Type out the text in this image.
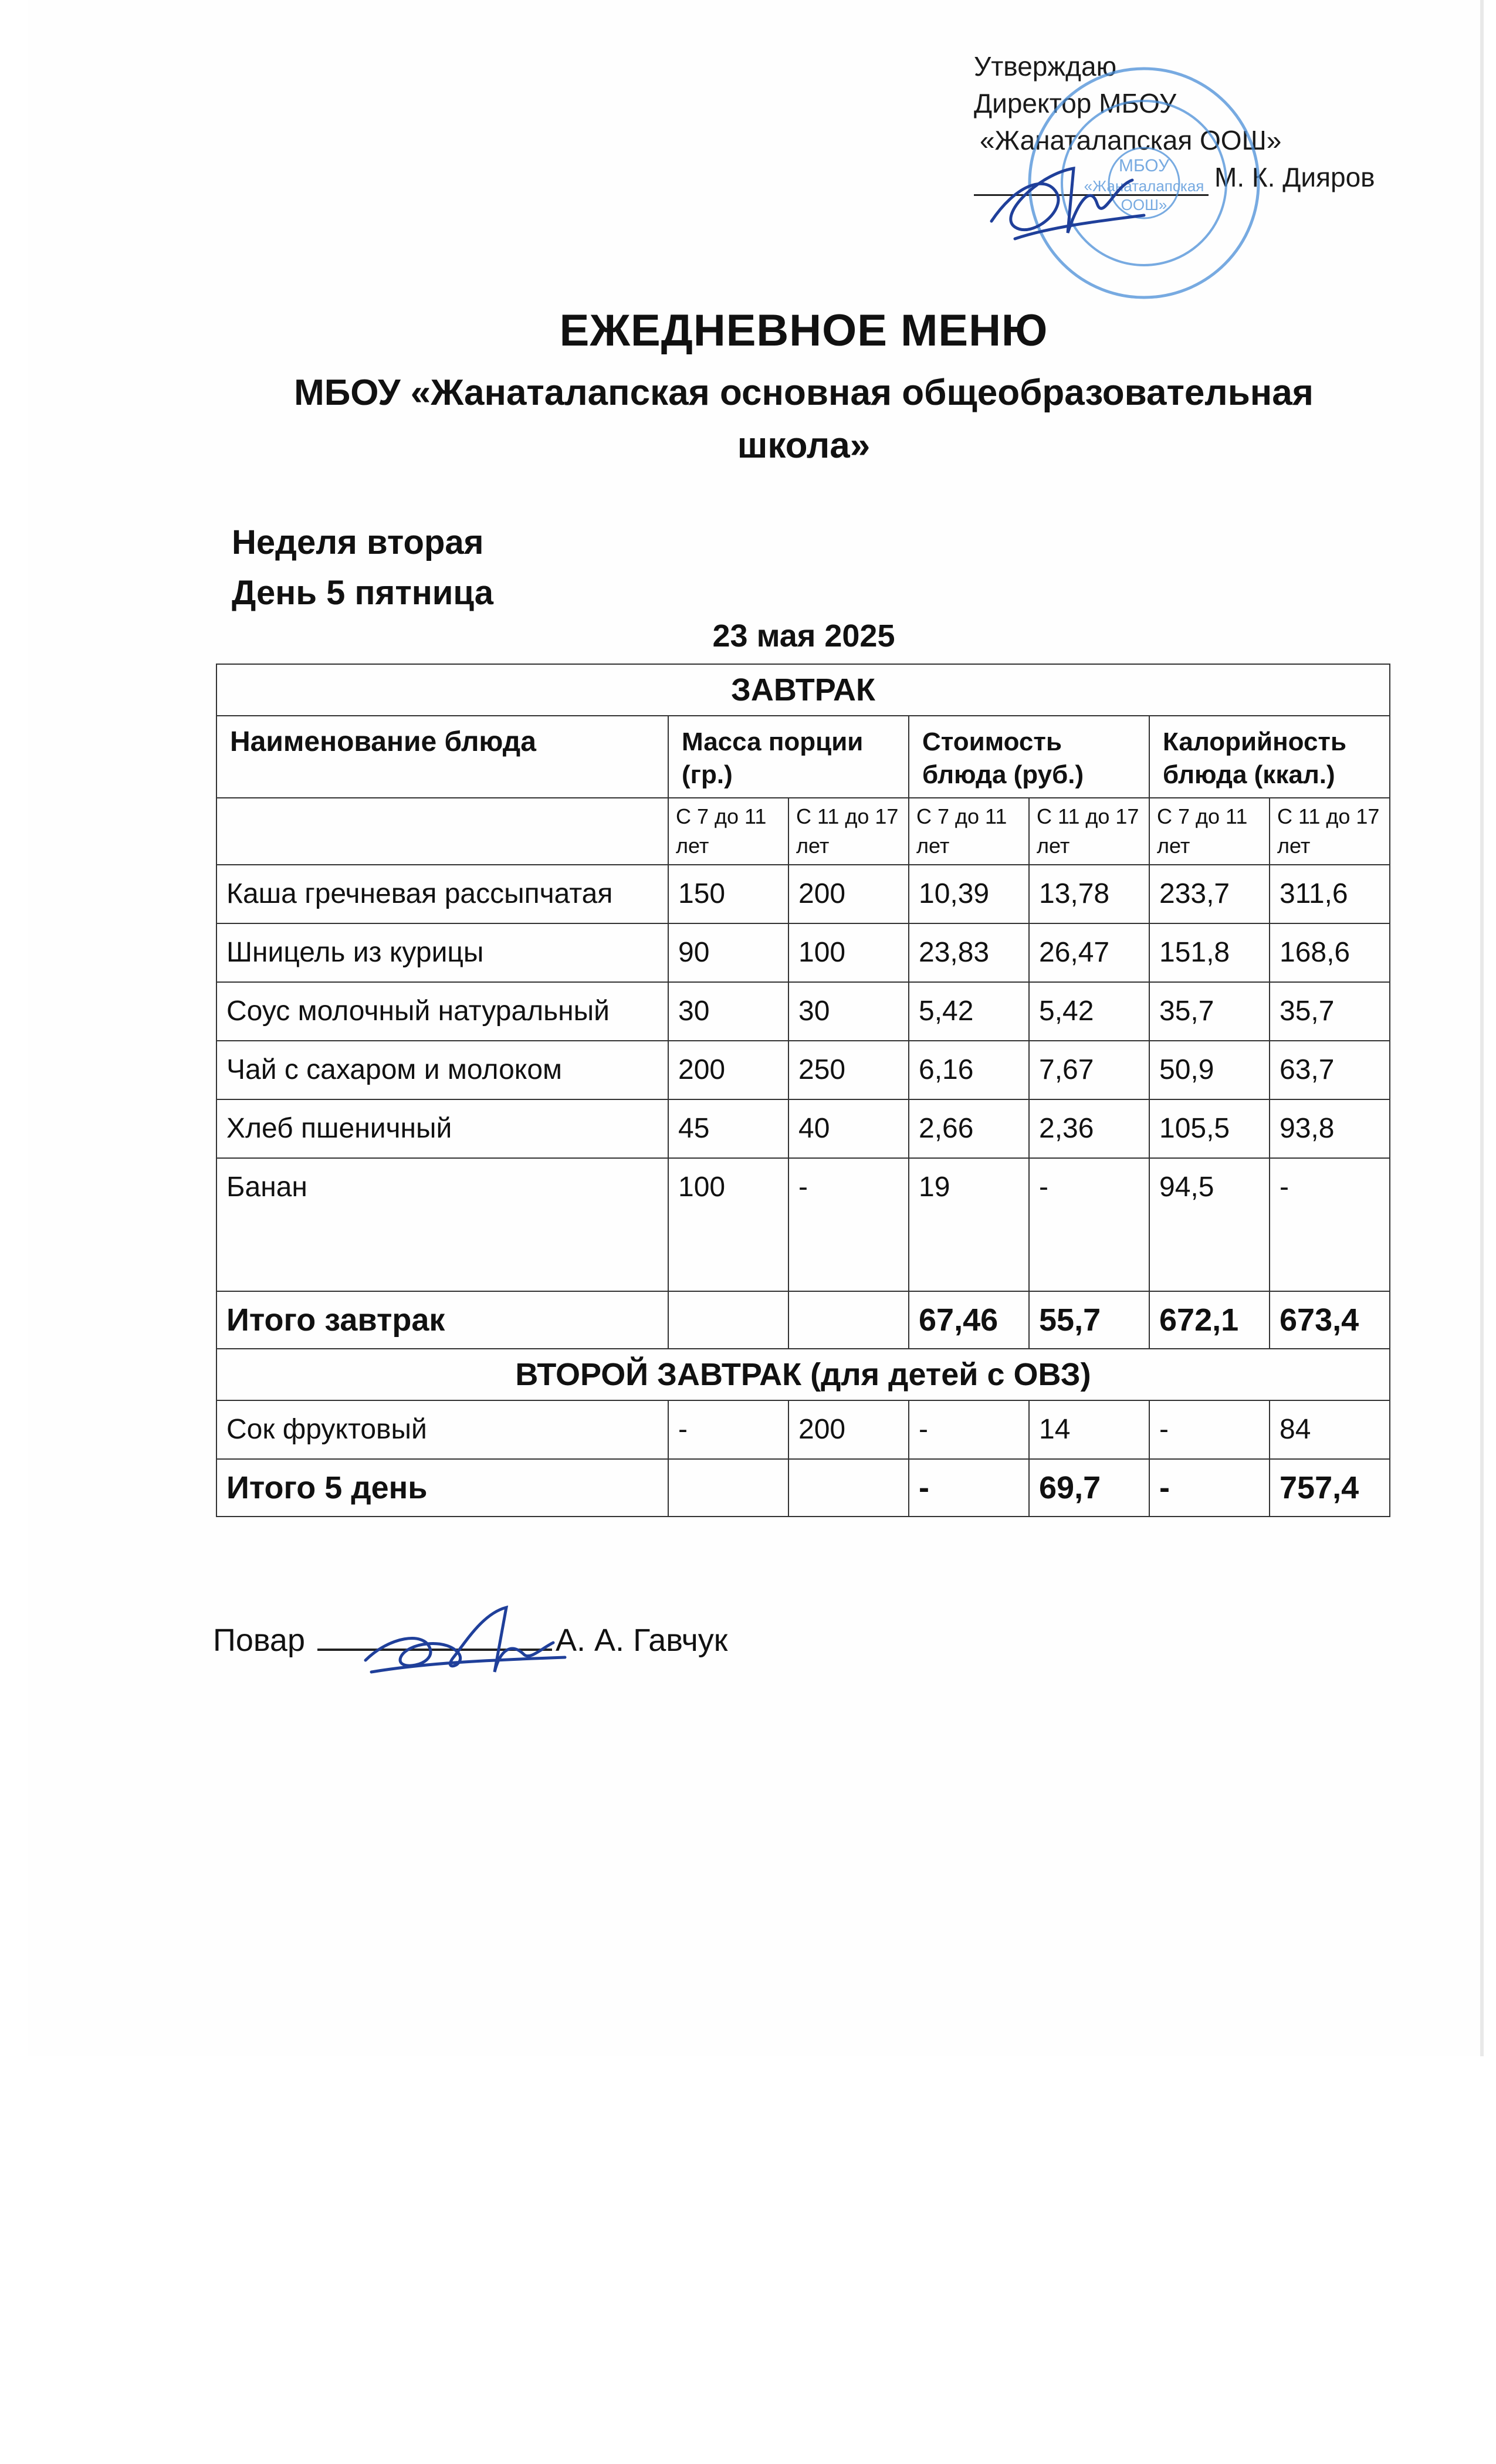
МБОУ
«Жанаталапская
ООШ»
Утверждаю
Директор МБОУ
«Жанаталапская ООШ»
М. К. Дияров
ЕЖЕДНЕВНОЕ МЕНЮ
МБОУ «Жанаталапская основная общеобразовательная
школа»
Неделя вторая
День 5 пятница
23 мая 2025
ЗАВТРАК						
Наименование блюда	Масса порции (гр.)		Стоимость блюда (руб.)		Калорийность блюда (ккал.)	
	С 7 до 11 лет	С 11 до 17 лет	С 7 до 11 лет	С 11 до 17 лет	С 7 до 11 лет	С 11 до 17 лет
Каша гречневая рассыпчатая	150	200	10,39	13,78	233,7	311,6
Шницель из курицы	90	100	23,83	26,47	151,8	168,6
Соус молочный натуральный	30	30	5,42	5,42	35,7	35,7
Чай с сахаром и молоком	200	250	6,16	7,67	50,9	63,7
Хлеб пшеничный	45	40	2,66	2,36	105,5	93,8
Банан	100	-	19	-	94,5	-
Итого завтрак			67,46	55,7	672,1	673,4
ВТОРОЙ ЗАВТРАК (для детей с ОВЗ)						
Сок фруктовый	-	200	-	14	-	84
Итого 5 день			-	69,7	-	757,4
Повар	А. А. Гавчук
